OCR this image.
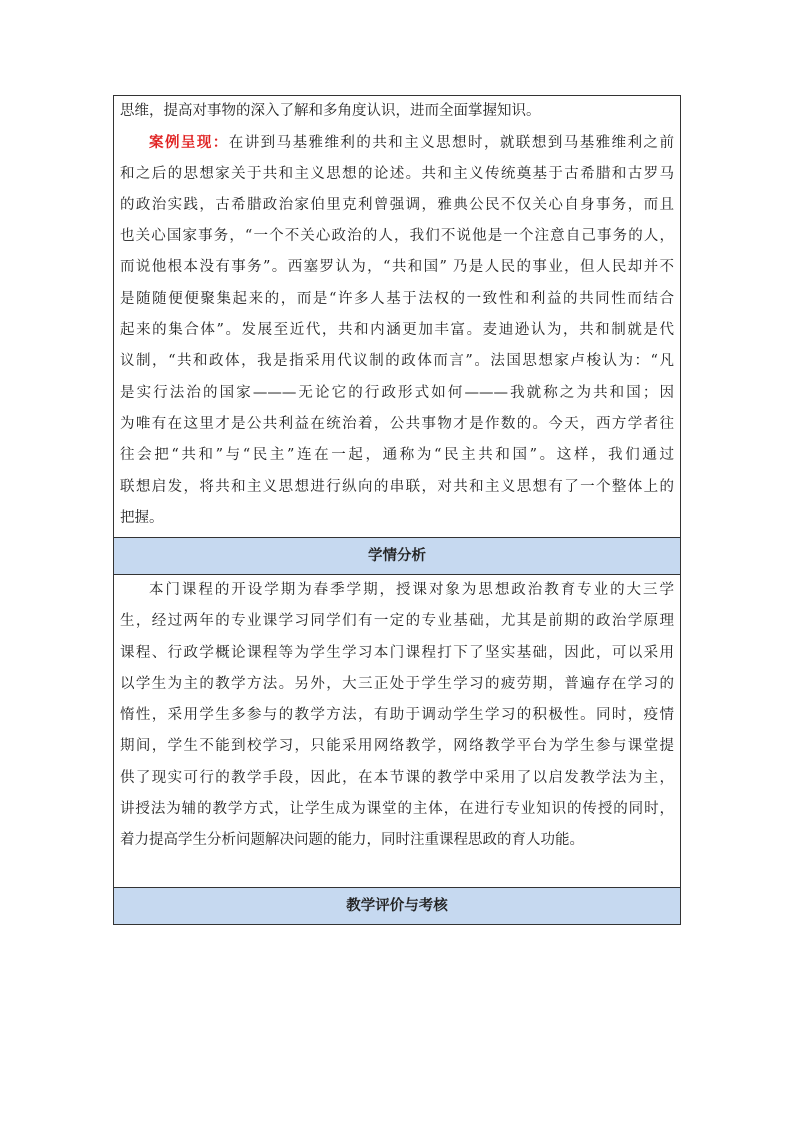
思维，提高对事物的深入了解和多角度认识，进而全面掌握知识。
案例呈现：在讲到马基雅维利的共和主义思想时，就联想到马基雅维利之前
和之后的思想家关于共和主义思想的论述。共和主义传统奠基于古希腊和古罗马
的政治实践，古希腊政治家伯里克利曾强调，雅典公民不仅关心自身事务，而且
也关心国家事务，“一个不关心政治的人，我们不说他是一个注意自己事务的人，
而说他根本没有事务”。西塞罗认为，“共和国” 乃是人民的事业，但人民却并不
是随随便便聚集起来的，而是“许多人基于法权的一致性和利益的共同性而结合
起来的集合体”。发展至近代，共和内涵更加丰富。麦迪逊认为，共和制就是代
议制，“共和政体，我是指采用代议制的政体而言”。法国思想家卢梭认为：“凡
是实行法治的国家———无论它的行政形式如何———我就称之为共和国；因
为唯有在这里才是公共利益在统治着，公共事物才是作数的。今天，西方学者往
往会把“共和”与“民主”连在一起，通称为“民主共和国”。这样，我们通过
联想启发，将共和主义思想进行纵向的串联，对共和主义思想有了一个整体上的
把握。
学情分析
本门课程的开设学期为春季学期，授课对象为思想政治教育专业的大三学
生，经过两年的专业课学习同学们有一定的专业基础，尤其是前期的政治学原理
课程、行政学概论课程等为学生学习本门课程打下了坚实基础，因此，可以采用
以学生为主的教学方法。另外，大三正处于学生学习的疲劳期，普遍存在学习的
惰性，采用学生多参与的教学方法，有助于调动学生学习的积极性。同时，疫情
期间，学生不能到校学习，只能采用网络教学，网络教学平台为学生参与课堂提
供了现实可行的教学手段，因此，在本节课的教学中采用了以启发教学法为主，
讲授法为辅的教学方式，让学生成为课堂的主体，在进行专业知识的传授的同时，
着力提高学生分析问题解决问题的能力，同时注重课程思政的育人功能。
教学评价与考核
